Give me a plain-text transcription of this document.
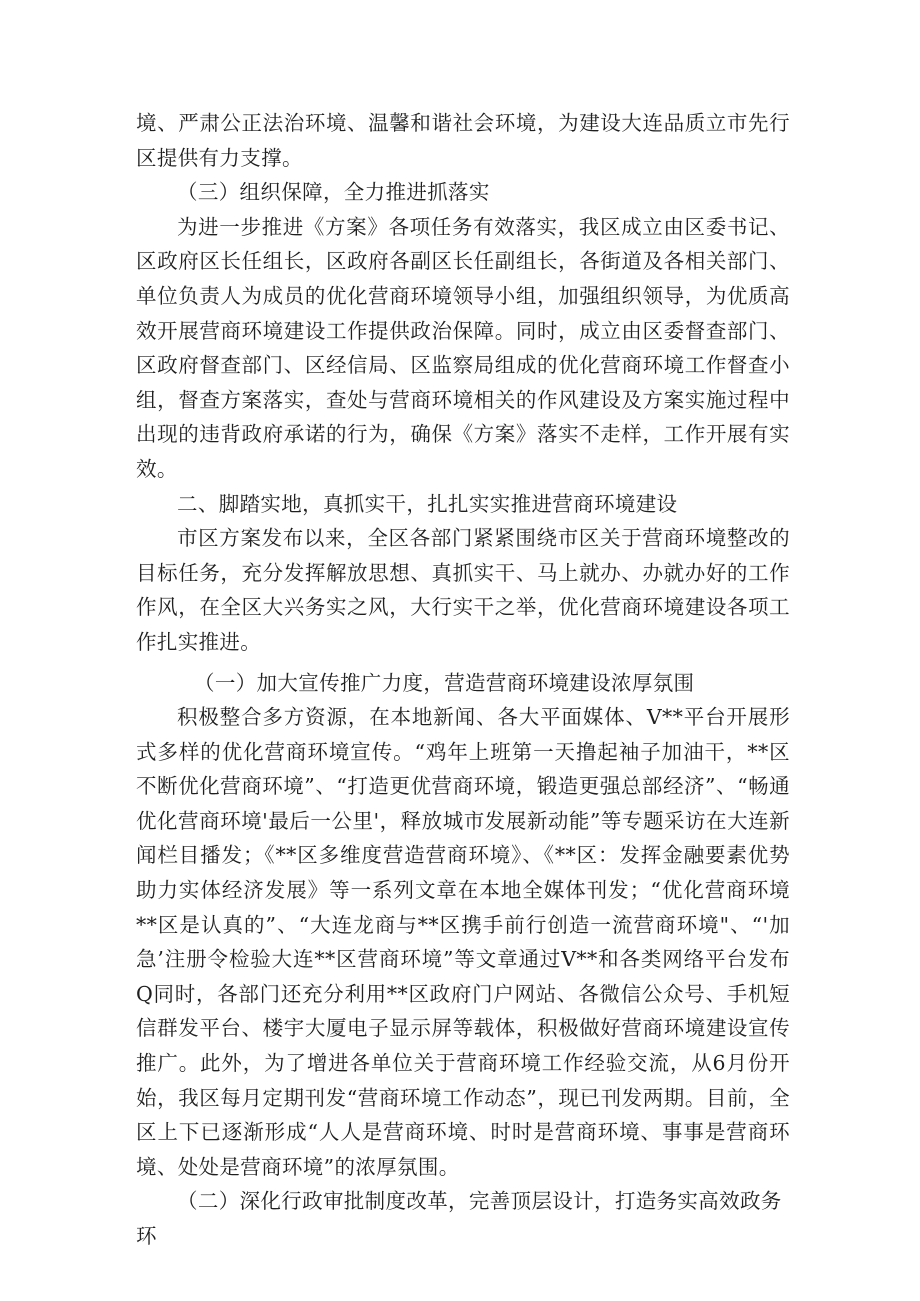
境、严肃公正法治环境、温馨和谐社会环境，为建设大连品质立市先行区提供有力支撑。

（三）组织保障，全力推进抓落实

为进一步推进《方案》各项任务有效落实，我区成立由区委书记、区政府区长任组长，区政府各副区长任副组长，各街道及各相关部门、单位负责人为成员的优化营商环境领导小组，加强组织领导，为优质高效开展营商环境建设工作提供政治保障。同时，成立由区委督查部门、区政府督查部门、区经信局、区监察局组成的优化营商环境工作督查小组，督查方案落实，查处与营商环境相关的作风建设及方案实施过程中出现的违背政府承诺的行为，确保《方案》落实不走样，工作开展有实效。

二、脚踏实地，真抓实干，扎扎实实推进营商环境建设

市区方案发布以来，全区各部门紧紧围绕市区关于营商环境整改的目标任务，充分发挥解放思想、真抓实干、马上就办、办就办好的工作作风，在全区大兴务实之风，大行实干之举，优化营商环境建设各项工作扎实推进。

（一）加大宣传推广力度，营造营商环境建设浓厚氛围

积极整合多方资源，在本地新闻、各大平面媒体、V**平台开展形式多样的优化营商环境宣传。“鸡年上班第一天撸起袖子加油干，**区不断优化营商环境”、“打造更优营商环境，锻造更强总部经济”、“畅通优化营商环境'最后一公里'，释放城市发展新动能”等专题采访在大连新闻栏目播发；《**区多维度营造营商环境》、《**区：发挥金融要素优势助力实体经济发展》等一系列文章在本地全媒体刊发；“优化营商环境**区是认真的”、“大连龙商与**区携手前行创造一流营商环境"、“'加急’注册令检验大连**区营商环境”等文章通过V**和各类网络平台发布Q同时，各部门还充分利用**区政府门户网站、各微信公众号、手机短信群发平台、楼宇大厦电子显示屏等载体，积极做好营商环境建设宣传推广。此外，为了增进各单位关于营商环境工作经验交流，从6月份开始，我区每月定期刊发“营商环境工作动态”，现已刊发两期。目前，全区上下已逐渐形成“人人是营商环境、时时是营商环境、事事是营商环境、处处是营商环境”的浓厚氛围。

（二）深化行政审批制度改革，完善顶层设计，打造务实高效政务环
